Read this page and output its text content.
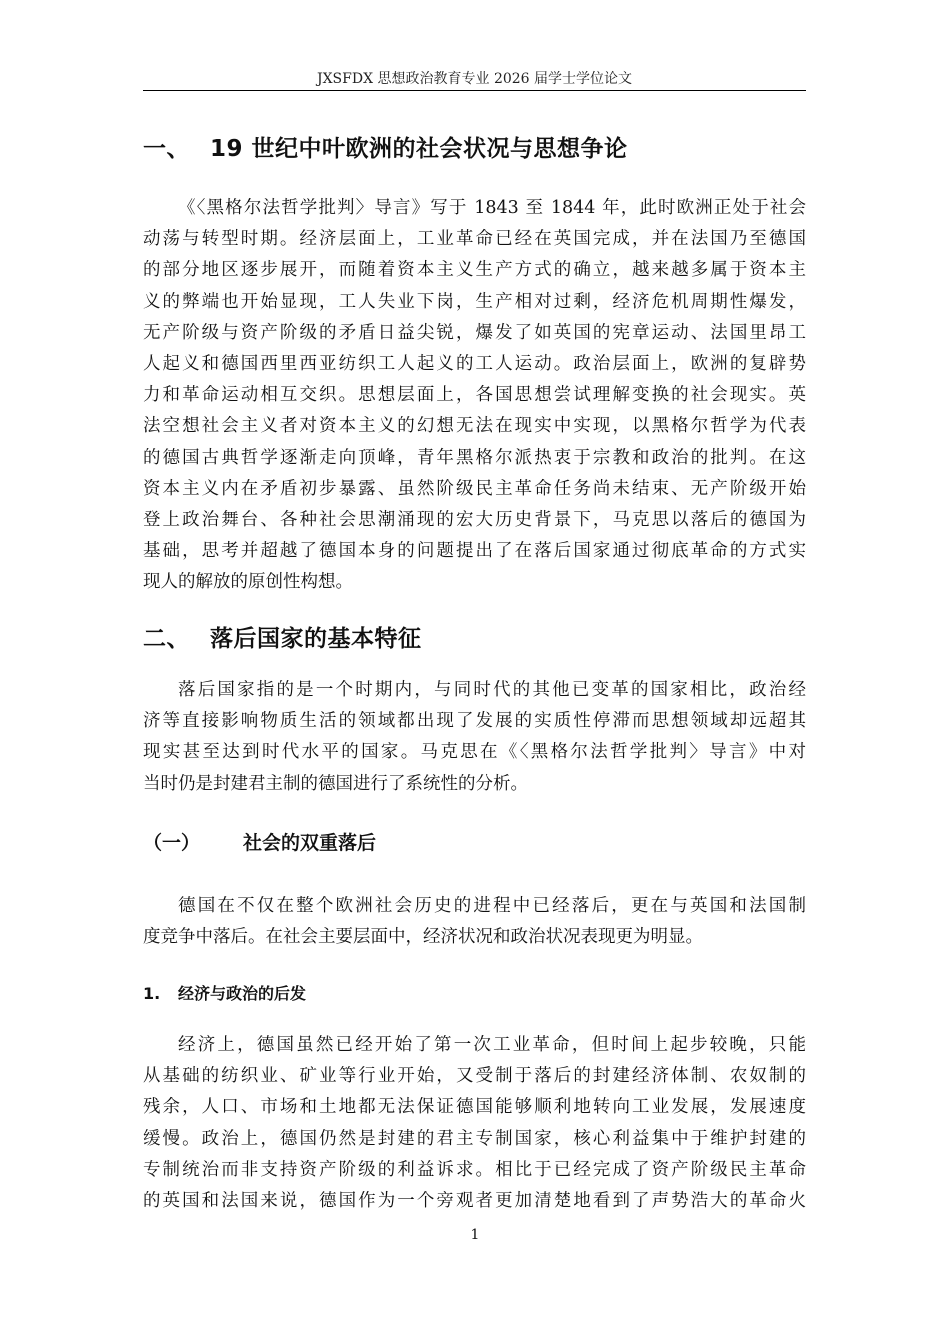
JXSFDX 思想政治教育专业 2026 届学士学位论文
一、 19 世纪中叶欧洲的社会状况与思想争论
《〈黑格尔法哲学批判〉导言》写于 1843 至 1844 年，此时欧洲正处于社会
动荡与转型时期。经济层面上，工业革命已经在英国完成，并在法国乃至德国
的部分地区逐步展开，而随着资本主义生产方式的确立，越来越多属于资本主
义的弊端也开始显现，工人失业下岗，生产相对过剩，经济危机周期性爆发，
无产阶级与资产阶级的矛盾日益尖锐，爆发了如英国的宪章运动、法国里昂工
人起义和德国西里西亚纺织工人起义的工人运动。政治层面上，欧洲的复辟势
力和革命运动相互交织。思想层面上，各国思想尝试理解变换的社会现实。英
法空想社会主义者对资本主义的幻想无法在现实中实现，以黑格尔哲学为代表
的德国古典哲学逐渐走向顶峰，青年黑格尔派热衷于宗教和政治的批判。在这
资本主义内在矛盾初步暴露、虽然阶级民主革命任务尚未结束、无产阶级开始
登上政治舞台、各种社会思潮涌现的宏大历史背景下，马克思以落后的德国为
基础，思考并超越了德国本身的问题提出了在落后国家通过彻底革命的方式实
现人的解放的原创性构想。
二、 落后国家的基本特征
落后国家指的是一个时期内，与同时代的其他已变革的国家相比，政治经
济等直接影响物质生活的领域都出现了发展的实质性停滞而思想领域却远超其
现实甚至达到时代水平的国家。马克思在《〈黑格尔法哲学批判〉导言》中对
当时仍是封建君主制的德国进行了系统性的分析。
（一） 社会的双重落后
德国在不仅在整个欧洲社会历史的进程中已经落后，更在与英国和法国制
度竞争中落后。在社会主要层面中，经济状况和政治状况表现更为明显。
1. 经济与政治的后发
经济上，德国虽然已经开始了第一次工业革命，但时间上起步较晚，只能
从基础的纺织业、矿业等行业开始，又受制于落后的封建经济体制、农奴制的
残余，人口、市场和土地都无法保证德国能够顺利地转向工业发展，发展速度
缓慢。政治上，德国仍然是封建的君主专制国家，核心利益集中于维护封建的
专制统治而非支持资产阶级的利益诉求。相比于已经完成了资产阶级民主革命
的英国和法国来说，德国作为一个旁观者更加清楚地看到了声势浩大的革命火
1
